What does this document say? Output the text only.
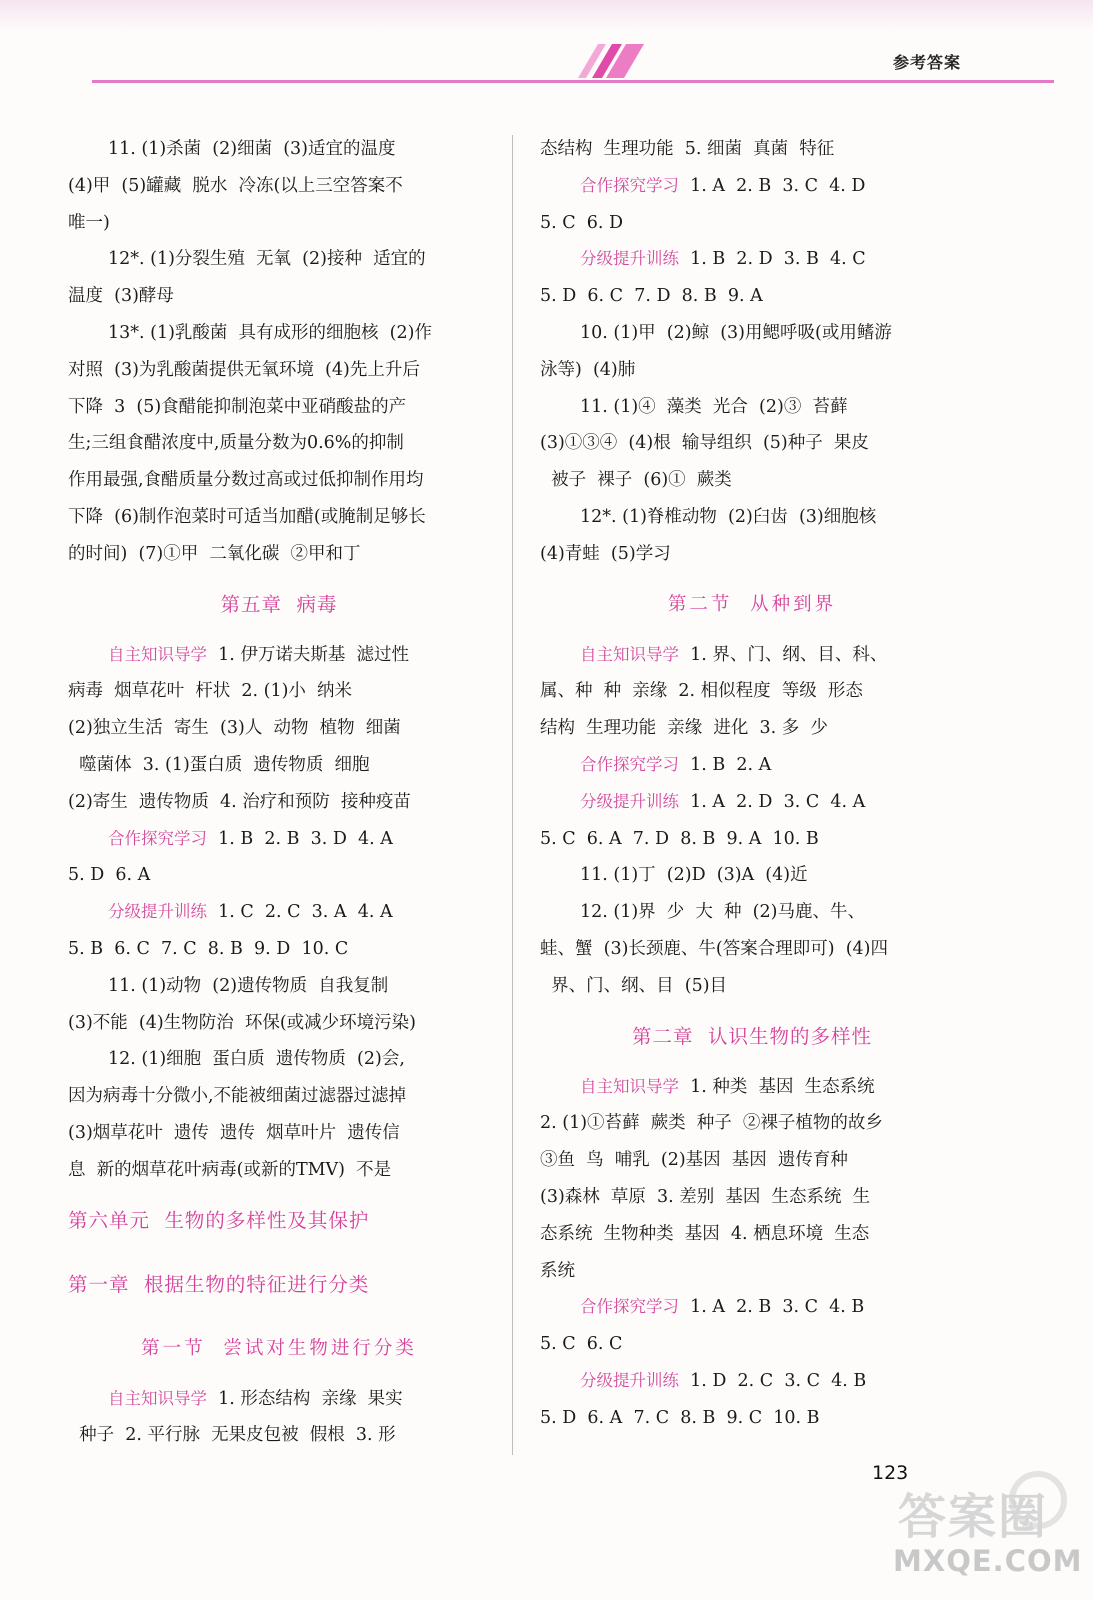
参考答案
11. (1)杀菌  (2)细菌  (3)适宜的温度
(4)甲  (5)罐藏  脱水  冷冻(以上三空答案不
唯一)
12*. (1)分裂生殖  无氧  (2)接种  适宜的
温度  (3)酵母
13*. (1)乳酸菌  具有成形的细胞核  (2)作
对照  (3)为乳酸菌提供无氧环境  (4)先上升后
下降  3  (5)食醋能抑制泡菜中亚硝酸盐的产
生;三组食醋浓度中,质量分数为0.6%的抑制
作用最强,食醋质量分数过高或过低抑制作用均
下降  (6)制作泡菜时可适当加醋(或腌制足够长
的时间)  (7)①甲  二氧化碳  ②甲和丁
第五章  病毒
自主知识导学  1. 伊万诺夫斯基  滤过性
病毒  烟草花叶  杆状  2. (1)小  纳米
(2)独立生活  寄生  (3)人  动物  植物  细菌
噬菌体  3. (1)蛋白质  遗传物质  细胞
(2)寄生  遗传物质  4. 治疗和预防  接种疫苗
合作探究学习  1. B  2. B  3. D  4. A
5. D  6. A
分级提升训练  1. C  2. C  3. A  4. A
5. B  6. C  7. C  8. B  9. D  10. C
11. (1)动物  (2)遗传物质  自我复制
(3)不能  (4)生物防治  环保(或减少环境污染)
12. (1)细胞  蛋白质  遗传物质  (2)会,
因为病毒十分微小,不能被细菌过滤器过滤掉
(3)烟草花叶  遗传  遗传  烟草叶片  遗传信
息  新的烟草花叶病毒(或新的TMV)  不是
第六单元  生物的多样性及其保护
第一章  根据生物的特征进行分类
第一节  尝试对生物进行分类
自主知识导学  1. 形态结构  亲缘  果实
种子  2. 平行脉  无果皮包被  假根  3. 形
态结构  生理功能  5. 细菌  真菌  特征
合作探究学习  1. A  2. B  3. C  4. D
5. C  6. D
分级提升训练  1. B  2. D  3. B  4. C
5. D  6. C  7. D  8. B  9. A
10. (1)甲  (2)鲸  (3)用鳃呼吸(或用鳍游
泳等)  (4)肺
11. (1)④  藻类  光合  (2)③  苔藓
(3)①③④  (4)根  输导组织  (5)种子  果皮
被子  裸子  (6)①  蕨类
12*. (1)脊椎动物  (2)臼齿  (3)细胞核
(4)青蛙  (5)学习
第二节  从种到界
自主知识导学  1. 界、门、纲、目、科、
属、种  种  亲缘  2. 相似程度  等级  形态
结构  生理功能  亲缘  进化  3. 多  少
合作探究学习  1. B  2. A
分级提升训练  1. A  2. D  3. C  4. A
5. C  6. A  7. D  8. B  9. A  10. B
11. (1)丁  (2)D  (3)A  (4)近
12. (1)界  少  大  种  (2)马鹿、牛、
蛙、蟹  (3)长颈鹿、牛(答案合理即可)  (4)四
界、门、纲、目  (5)目
第二章  认识生物的多样性
自主知识导学  1. 种类  基因  生态系统
2. (1)①苔藓  蕨类  种子  ②裸子植物的故乡
③鱼  鸟  哺乳  (2)基因  基因  遗传育种
(3)森林  草原  3. 差别  基因  生态系统  生
态系统  生物种类  基因  4. 栖息环境  生态
系统
合作探究学习  1. A  2. B  3. C  4. B
5. C  6. C
分级提升训练  1. D  2. C  3. C  4. B
5. D  6. A  7. C  8. B  9. C  10. B
123
答案圈
MXQE.COM
